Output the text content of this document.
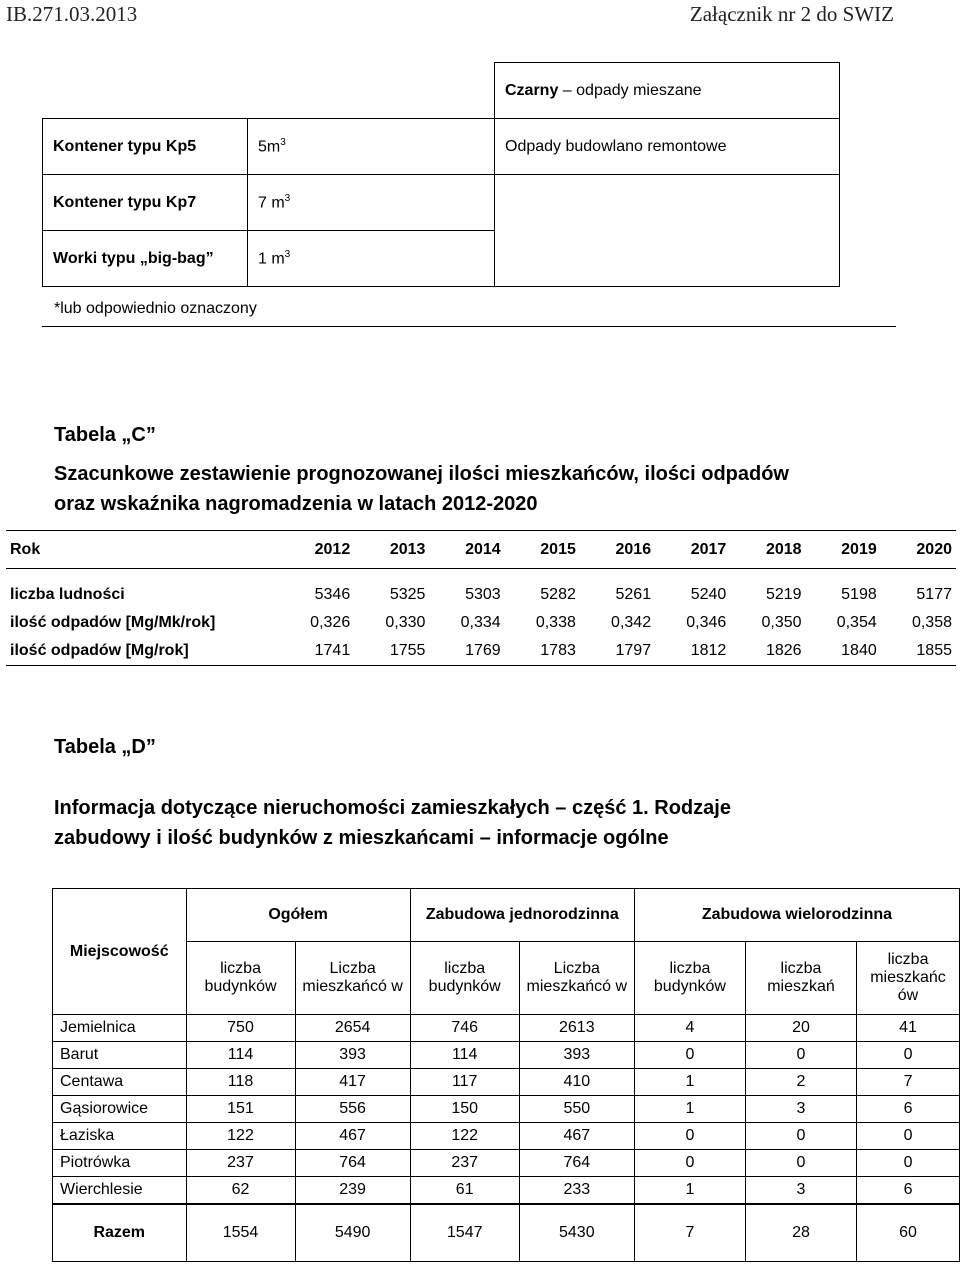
IB.271.03.2013	Załącznik nr 2 do SWIZ
		Czarny – odpady mieszane
Kontener typu Kp5	$5m^3$	Odpady budowlano remontowe
Kontener typu Kp7	7 $m^3$	
Worki typu „big-bag”	1 $m^3$
*lub odpowiednio oznaczony
Tabela „C”
Szacunkowe zestawienie prognozowanej ilości mieszkańców, ilości odpadów
oraz wskaźnika nagromadzenia w latach 2012-2020
Rok	2012	2013	2014	2015	2016	2017	2018	2019	2020

liczba ludności	5346	5325	5303	5282	5261	5240	5219	5198	5177
ilość odpadów [Mg/Mk/rok]	0,326	0,330	0,334	0,338	0,342	0,346	0,350	0,354	0,358
ilość odpadów [Mg/rok]	1741	1755	1769	1783	1797	1812	1826	1840	1855
Tabela „D”
Informacja dotyczące nieruchomości zamieszkałych – część 1. Rodzaje
zabudowy i ilość budynków z mieszkańcami – informacje ogólne
Miejscowość	Ogółem		Zabudowa jednorodzinna		Zabudowa wielorodzinna		
	liczba budynków	Liczba mieszkańcó w	liczba budynków	Liczba mieszkańcó w	liczba budynków	liczba mieszkań	liczba mieszkańc ów
Jemielnica	750	2654	746	2613	4	20	41
Barut	114	393	114	393	0	0	0
Centawa	118	417	117	410	1	2	7
Gąsiorowice	151	556	150	550	1	3	6
Łaziska	122	467	122	467	0	0	0
Piotrówka	237	764	237	764	0	0	0
Wierchlesie	62	239	61	233	1	3	6
Razem	1554	5490	1547	5430	7	28	60
